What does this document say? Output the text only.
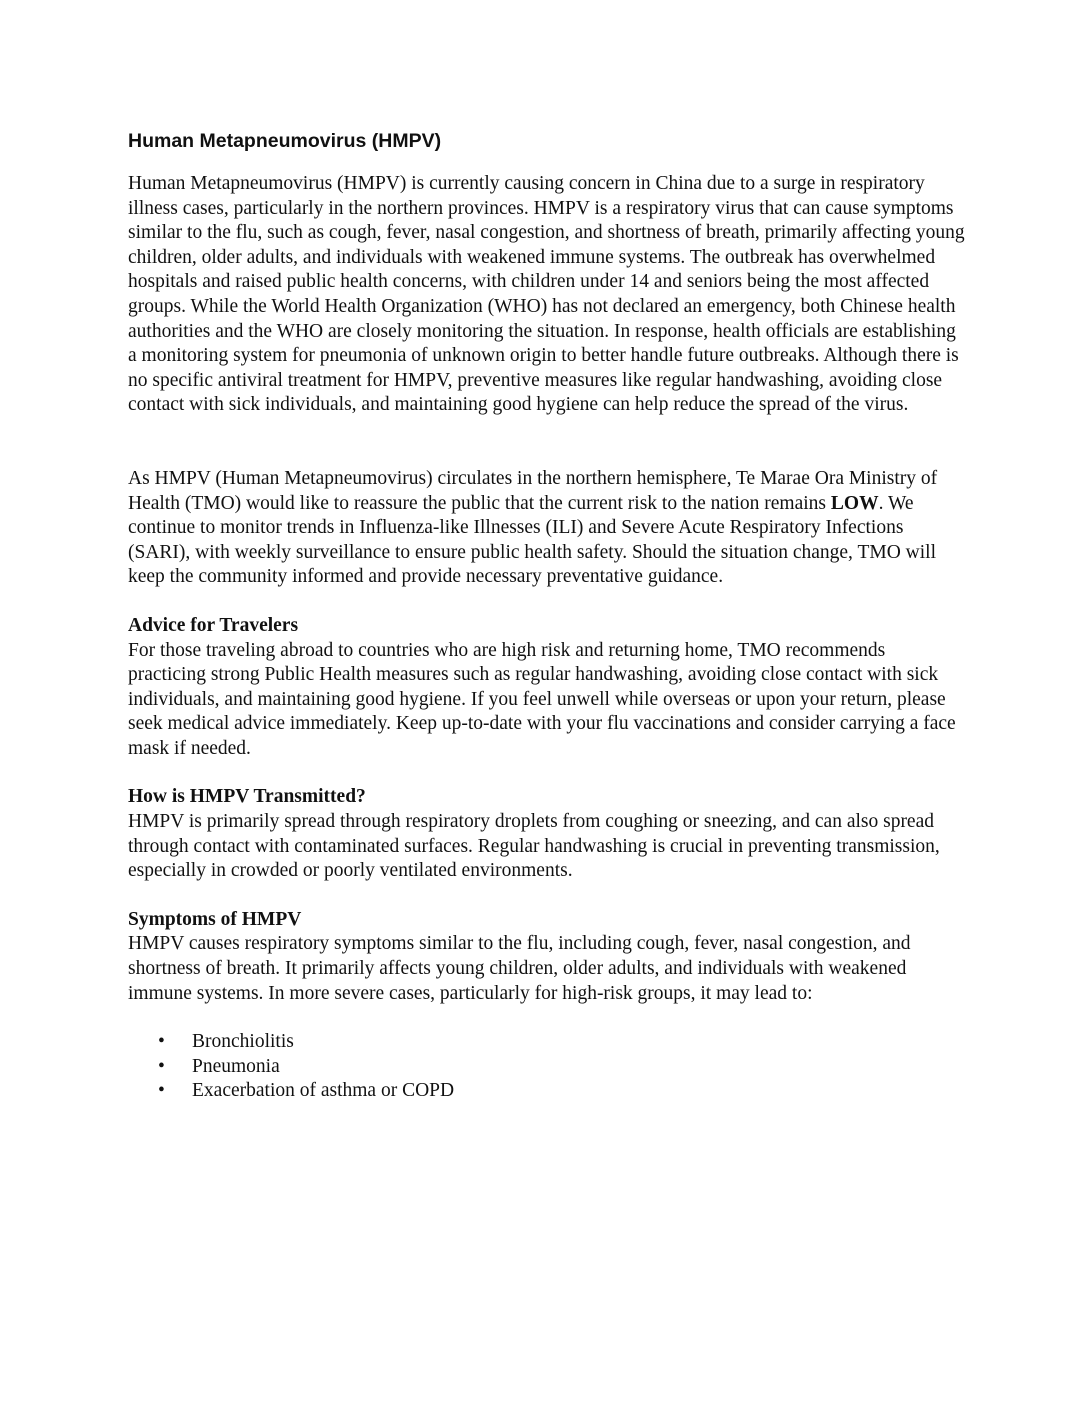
Human Metapneumovirus (HMPV)

Human Metapneumovirus (HMPV) is currently causing concern in China due to a surge in respiratory illness cases, particularly in the northern provinces. HMPV is a respiratory virus that can cause symptoms similar to the flu, such as cough, fever, nasal congestion, and shortness of breath, primarily affecting young children, older adults, and individuals with weakened immune systems. The outbreak has overwhelmed hospitals and raised public health concerns, with children under 14 and seniors being the most affected groups. While the World Health Organization (WHO) has not declared an emergency, both Chinese health authorities and the WHO are closely monitoring the situation. In response, health officials are establishing a monitoring system for pneumonia of unknown origin to better handle future outbreaks. Although there is no specific antiviral treatment for HMPV, preventive measures like regular handwashing, avoiding close contact with sick individuals, and maintaining good hygiene can help reduce the spread of the virus.

As HMPV (Human Metapneumovirus) circulates in the northern hemisphere, Te Marae Ora Ministry of Health (TMO) would like to reassure the public that the current risk to the nation remains LOW. We continue to monitor trends in Influenza-like Illnesses (ILI) and Severe Acute Respiratory Infections (SARI), with weekly surveillance to ensure public health safety. Should the situation change, TMO will keep the community informed and provide necessary preventative guidance.

Advice for Travelers

For those traveling abroad to countries who are high risk and returning home, TMO recommends practicing strong Public Health measures such as regular handwashing, avoiding close contact with sick individuals, and maintaining good hygiene. If you feel unwell while overseas or upon your return, please seek medical advice immediately. Keep up-to-date with your flu vaccinations and consider carrying a face mask if needed.

How is HMPV Transmitted?

HMPV is primarily spread through respiratory droplets from coughing or sneezing, and can also spread through contact with contaminated surfaces. Regular handwashing is crucial in preventing transmission, especially in crowded or poorly ventilated environments.

Symptoms of HMPV

HMPV causes respiratory symptoms similar to the flu, including cough, fever, nasal congestion, and shortness of breath. It primarily affects young children, older adults, and individuals with weakened immune systems. In more severe cases, particularly for high-risk groups, it may lead to:

• Bronchiolitis
• Pneumonia
• Exacerbation of asthma or COPD
